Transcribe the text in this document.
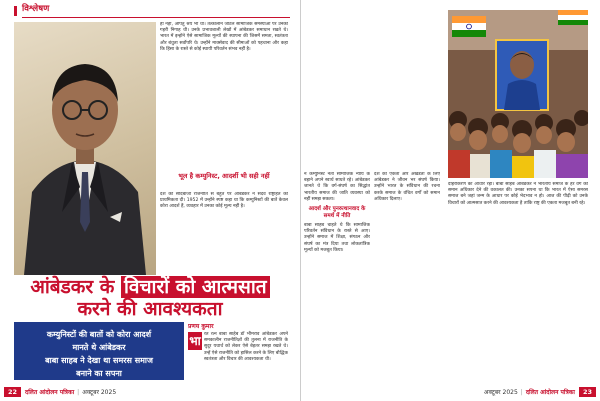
विश्लेषण

ही नहीं, अपितु श्रेय भी था। तत्कालीन जटिल सामाजिक समस्याओं पर उनकी गहरी निगाह थी। उनके प्रभावशाली लेखों में आंबेडकर समाधान रखते थे। भारत में इन्होंने ऐसे सामाजिक मूल्यों की स्थापना की जिसमें समता, स्वतंत्रता और बंधुता सर्वोपरि थे। उन्होंने मार्क्सवाद की सीमाओं को पहचाना और कहा कि हिंसा के रास्ते से कोई स्थायी परिवर्तन संभव नहीं है।

भूल है कम्युनिस्ट, आदर्शी भी सही नहीं

देश की सौदेबाजी राजनीति से बहुत परे आंबेडकर ने सदैव राष्ट्रहित को प्राथमिकता दी। 1952 में उन्होंने स्पष्ट कहा था कि कम्युनिस्टों की बातें केवल कोरा आदर्श हैं, व्यवहार में उनका कोई मूल्य नहीं है।

आंबेडकर के विचारों को आत्मसात
करने की आवश्यकता
कम्युनिस्टों की बातों को कोरा आदर्श
मानते थे आंबेडकर
बाबा साहब ने देखा था समरस समाज
बनाने का सपना
प्रणय कुमार
भा रत रत्न बाबा साहेब डॉ भीमराव आंबेडकर अपने समकालीन राजनीतिज्ञों की तुलना में राजनीति के सुदूर यथार्थ को लेकर ऐसे बेहतर समझ रखते थे। उन्हें ऐसे राजनीति को हासिल करने के लिए बौद्धिक स्वतंत्रता और विचार की आवश्यकता थी।

22	दलित आंदोलन पत्रिका | अक्टूबर 2025

ने कम्युनिस्ट नेता सामाजिक न्याय के बहाने अपने स्वार्थ साधते रहे। आंबेडकर जानते थे कि वर्ग-संघर्ष का सिद्धांत भारतीय समाज की जाति व्यवस्था को नहीं समझ सकता।

आदर्श और पुनरुत्थानवाद के समर्थ में नीति

बाबा साहब चाहते थे कि सामाजिक परिवर्तन संविधान के रास्ते से आए। उन्होंने समाज में शिक्षा, संगठन और संघर्ष का मंत्र दिया तथा लोकतांत्रिक मूल्यों को मजबूत किया।

देश की एकता और अखंडता के लिए आंबेडकर ने जीवन भर संघर्ष किया। उन्होंने भारत के संविधान की रचना करके समाज के वंचित वर्गों को समान अधिकार दिलाए।

दोहरीकरण का आधार रहा। बाबा साहब आंबेडकर ने भारतीय समाज के हर वर्ग को समान अधिकार देने की वकालत की। उनका सपना था कि भारत में ऐसा समरस समाज बने जहां जन्म के आधार पर कोई भेदभाव न हो। आज की पीढ़ी को उनके विचारों को आत्मसात करने की आवश्यकता है ताकि राष्ट्र की एकता मजबूत बनी रहे।

अक्टूबर 2025 | दलित आंदोलन पत्रिका	23
